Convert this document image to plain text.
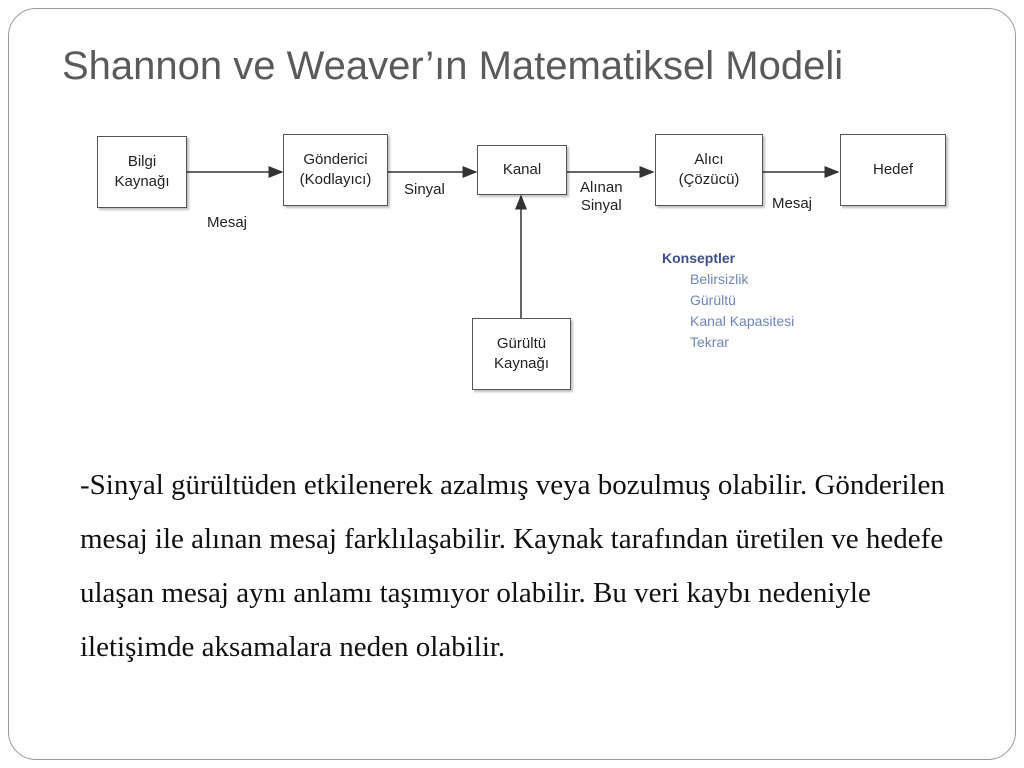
Shannon ve Weaver’ın Matematiksel Modeli
Bilgi
Kaynağı
Gönderici
(Kodlayıcı)
Kanal
Alıcı
(Çözücü)
Hedef
Gürültü
Kaynağı
Mesaj
Sinyal	Alınan
Sinyal	Mesaj
Konseptler
Belirsizlik
Gürültü
Kanal Kapasitesi
Tekrar

-Sinyal gürültüden etkilenerek azalmış veya bozulmuş olabilir. Gönderilen mesaj ile alınan mesaj farklılaşabilir. Kaynak tarafından üretilen ve hedefe ulaşan mesaj aynı anlamı taşımıyor olabilir. Bu veri kaybı nedeniyle iletişimde aksamalara neden olabilir.
